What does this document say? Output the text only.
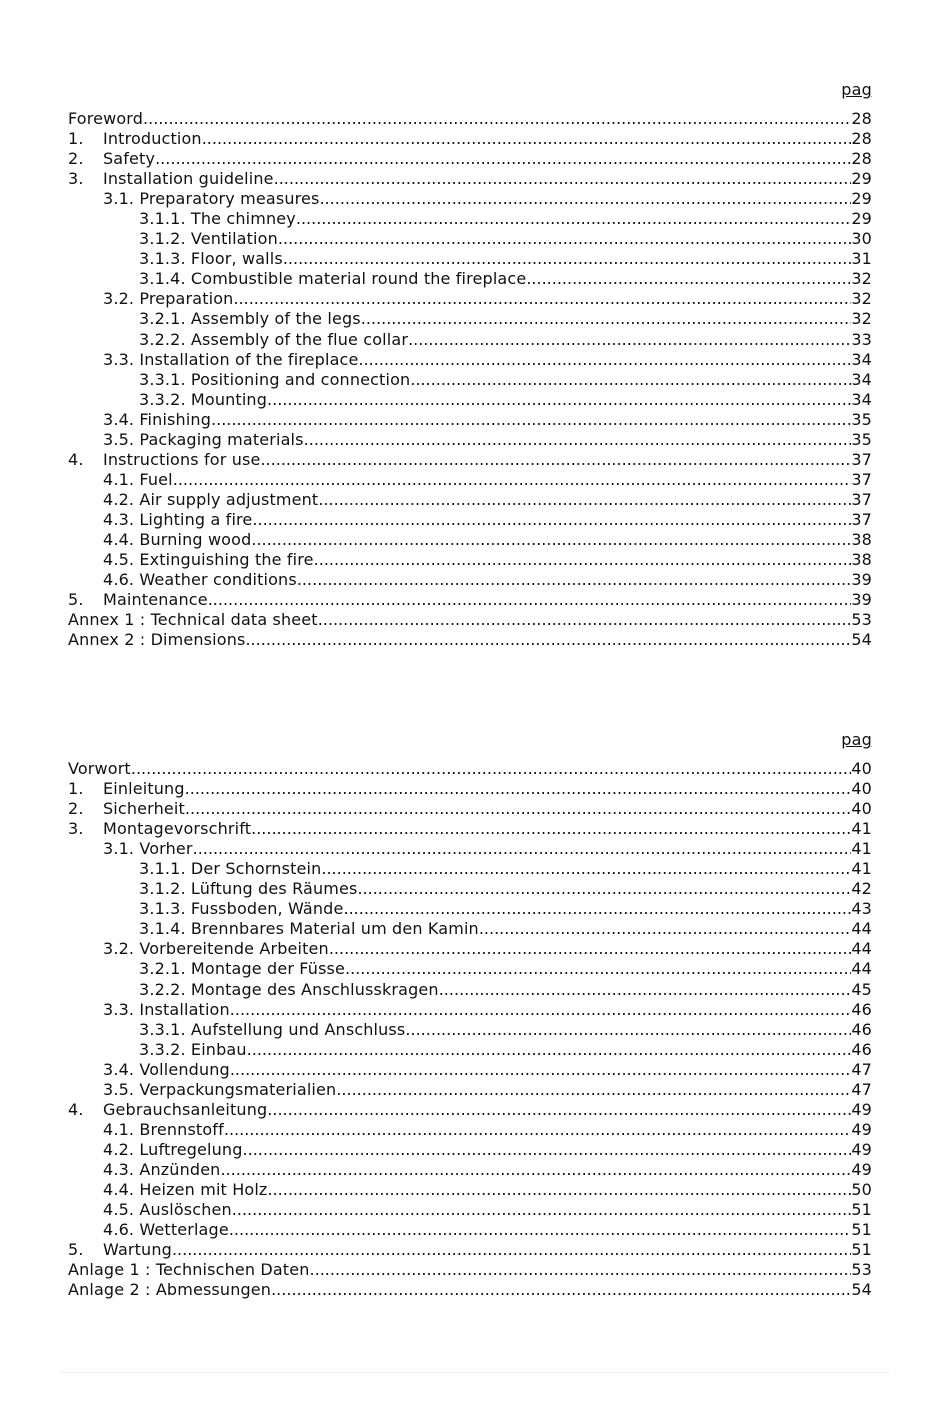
pag
Foreword .....	28
1.	Introduction .....	28
2.	Safety .....	28
3.	Installation guideline .....	29
3.1. Preparatory measures .....	29
3.1.1. The chimney .....	29
3.1.2. Ventilation .....	30
3.1.3. Floor, walls .....	31
3.1.4. Combustible material round the fireplace .....	32
3.2. Preparation .....	32
3.2.1. Assembly of the legs .....	32
3.2.2. Assembly of the flue collar .....	33
3.3. Installation of the fireplace .....	34
3.3.1. Positioning and connection .....	34
3.3.2. Mounting .....	34
3.4. Finishing .....	35
3.5. Packaging materials .....	35
4.	Instructions for use .....	37
4.1. Fuel .....	37
4.2. Air supply adjustment .....	37
4.3. Lighting a fire .....	37
4.4. Burning wood .....	38
4.5. Extinguishing the fire .....	38
4.6. Weather conditions .....	39
5.	Maintenance .....	39
Annex 1 : Technical data sheet .....	53
Annex 2 : Dimensions .....	54
pag
Vorwort .....	40
1.	Einleitung .....	40
2.	Sicherheit .....	40
3.	Montagevorschrift .....	41
3.1. Vorher .....	41
3.1.1. Der Schornstein .....	41
3.1.2. Lüftung des Räumes .....	42
3.1.3. Fussboden, Wände .....	43
3.1.4. Brennbares Material um den Kamin .....	44
3.2. Vorbereitende Arbeiten .....	44
3.2.1. Montage der Füsse .....	44
3.2.2. Montage des Anschlusskragen .....	45
3.3. Installation .....	46
3.3.1. Aufstellung und Anschluss .....	46
3.3.2. Einbau .....	46
3.4. Vollendung .....	47
3.5. Verpackungsmaterialien .....	47
4.	Gebrauchsanleitung .....	49
4.1. Brennstoff .....	49
4.2. Luftregelung .....	49
4.3. Anzünden .....	49
4.4. Heizen mit Holz .....	50
4.5. Auslöschen .....	51
4.6. Wetterlage .....	51
5.	Wartung .....	51
Anlage 1 : Technischen Daten .....	53
Anlage 2 : Abmessungen .....	54
